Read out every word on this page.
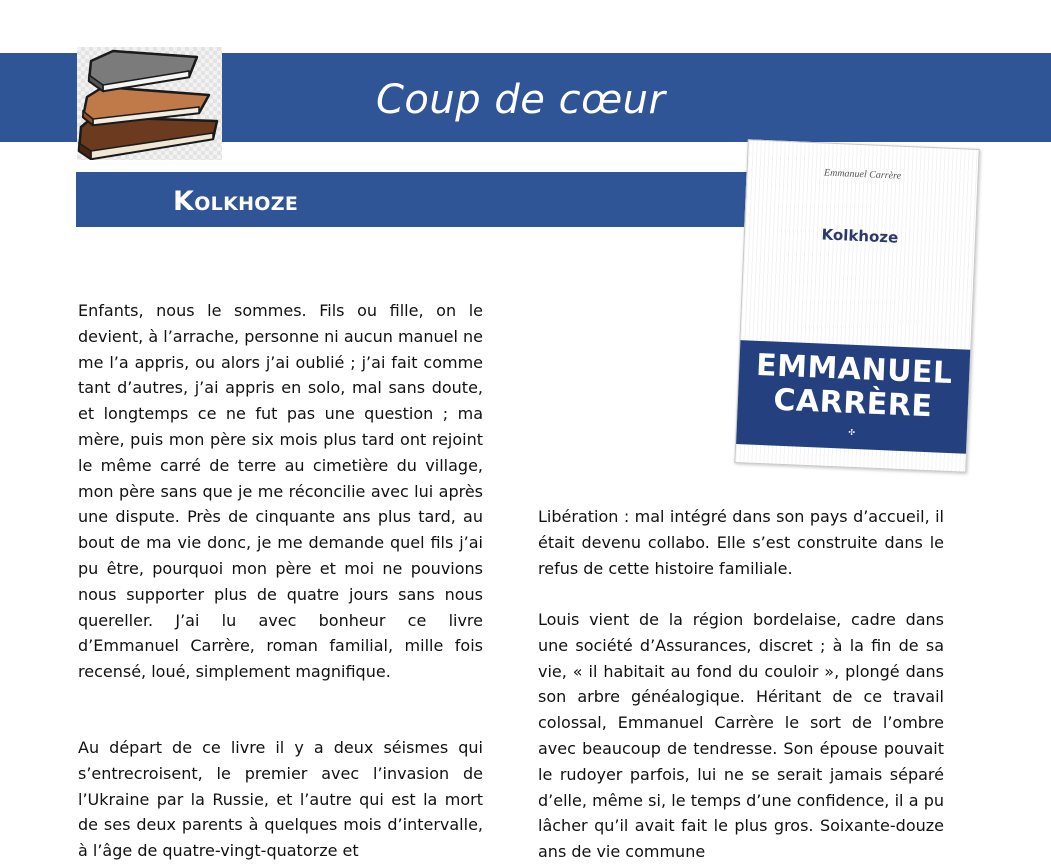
Coup de cœur
Kolkhoze
Emmanuel Carrère
Kolkhoze
EMMANUEL
CARRÈRE
✣

Enfants, nous le sommes. Fils ou fille, on le devient, à l’arrache, personne ni aucun manuel ne me l’a appris, ou alors j’ai oublié ; j’ai fait comme tant d’autres, j’ai appris en solo, mal sans doute, et longtemps ce ne fut pas une question ; ma mère, puis mon père six mois plus tard ont rejoint le même carré de terre au cimetière du village, mon père sans que je me réconcilie avec lui après une dispute. Près de cinquante ans plus tard, au bout de ma vie donc, je me demande quel fils j’ai pu être, pourquoi mon père et moi ne pouvions nous supporter plus de quatre jours sans nous quereller. J’ai lu avec bonheur ce livre d’Emmanuel Carrère, roman familial, mille fois recensé, loué, simplement magnifique.

Au départ de ce livre il y a deux séismes qui s’entrecroisent, le premier avec l’invasion de l’Ukraine par la Russie, et l’autre qui est la mort de ses deux parents à quelques mois d’intervalle, à l’âge de quatre-vingt-quatorze et

Libération : mal intégré dans son pays d’accueil, il était devenu collabo. Elle s’est construite dans le refus de cette histoire familiale.

Louis vient de la région bordelaise, cadre dans une société d’Assurances, discret ; à la fin de sa vie, « il habitait au fond du couloir », plongé dans son arbre généalogique. Héritant de ce travail colossal, Emmanuel Carrère le sort de l’ombre avec beaucoup de tendresse. Son épouse pouvait le rudoyer parfois, lui ne se serait jamais séparé d’elle, même si, le temps d’une confidence, il a pu lâcher qu’il avait fait le plus gros. Soixante-douze ans de vie commune
